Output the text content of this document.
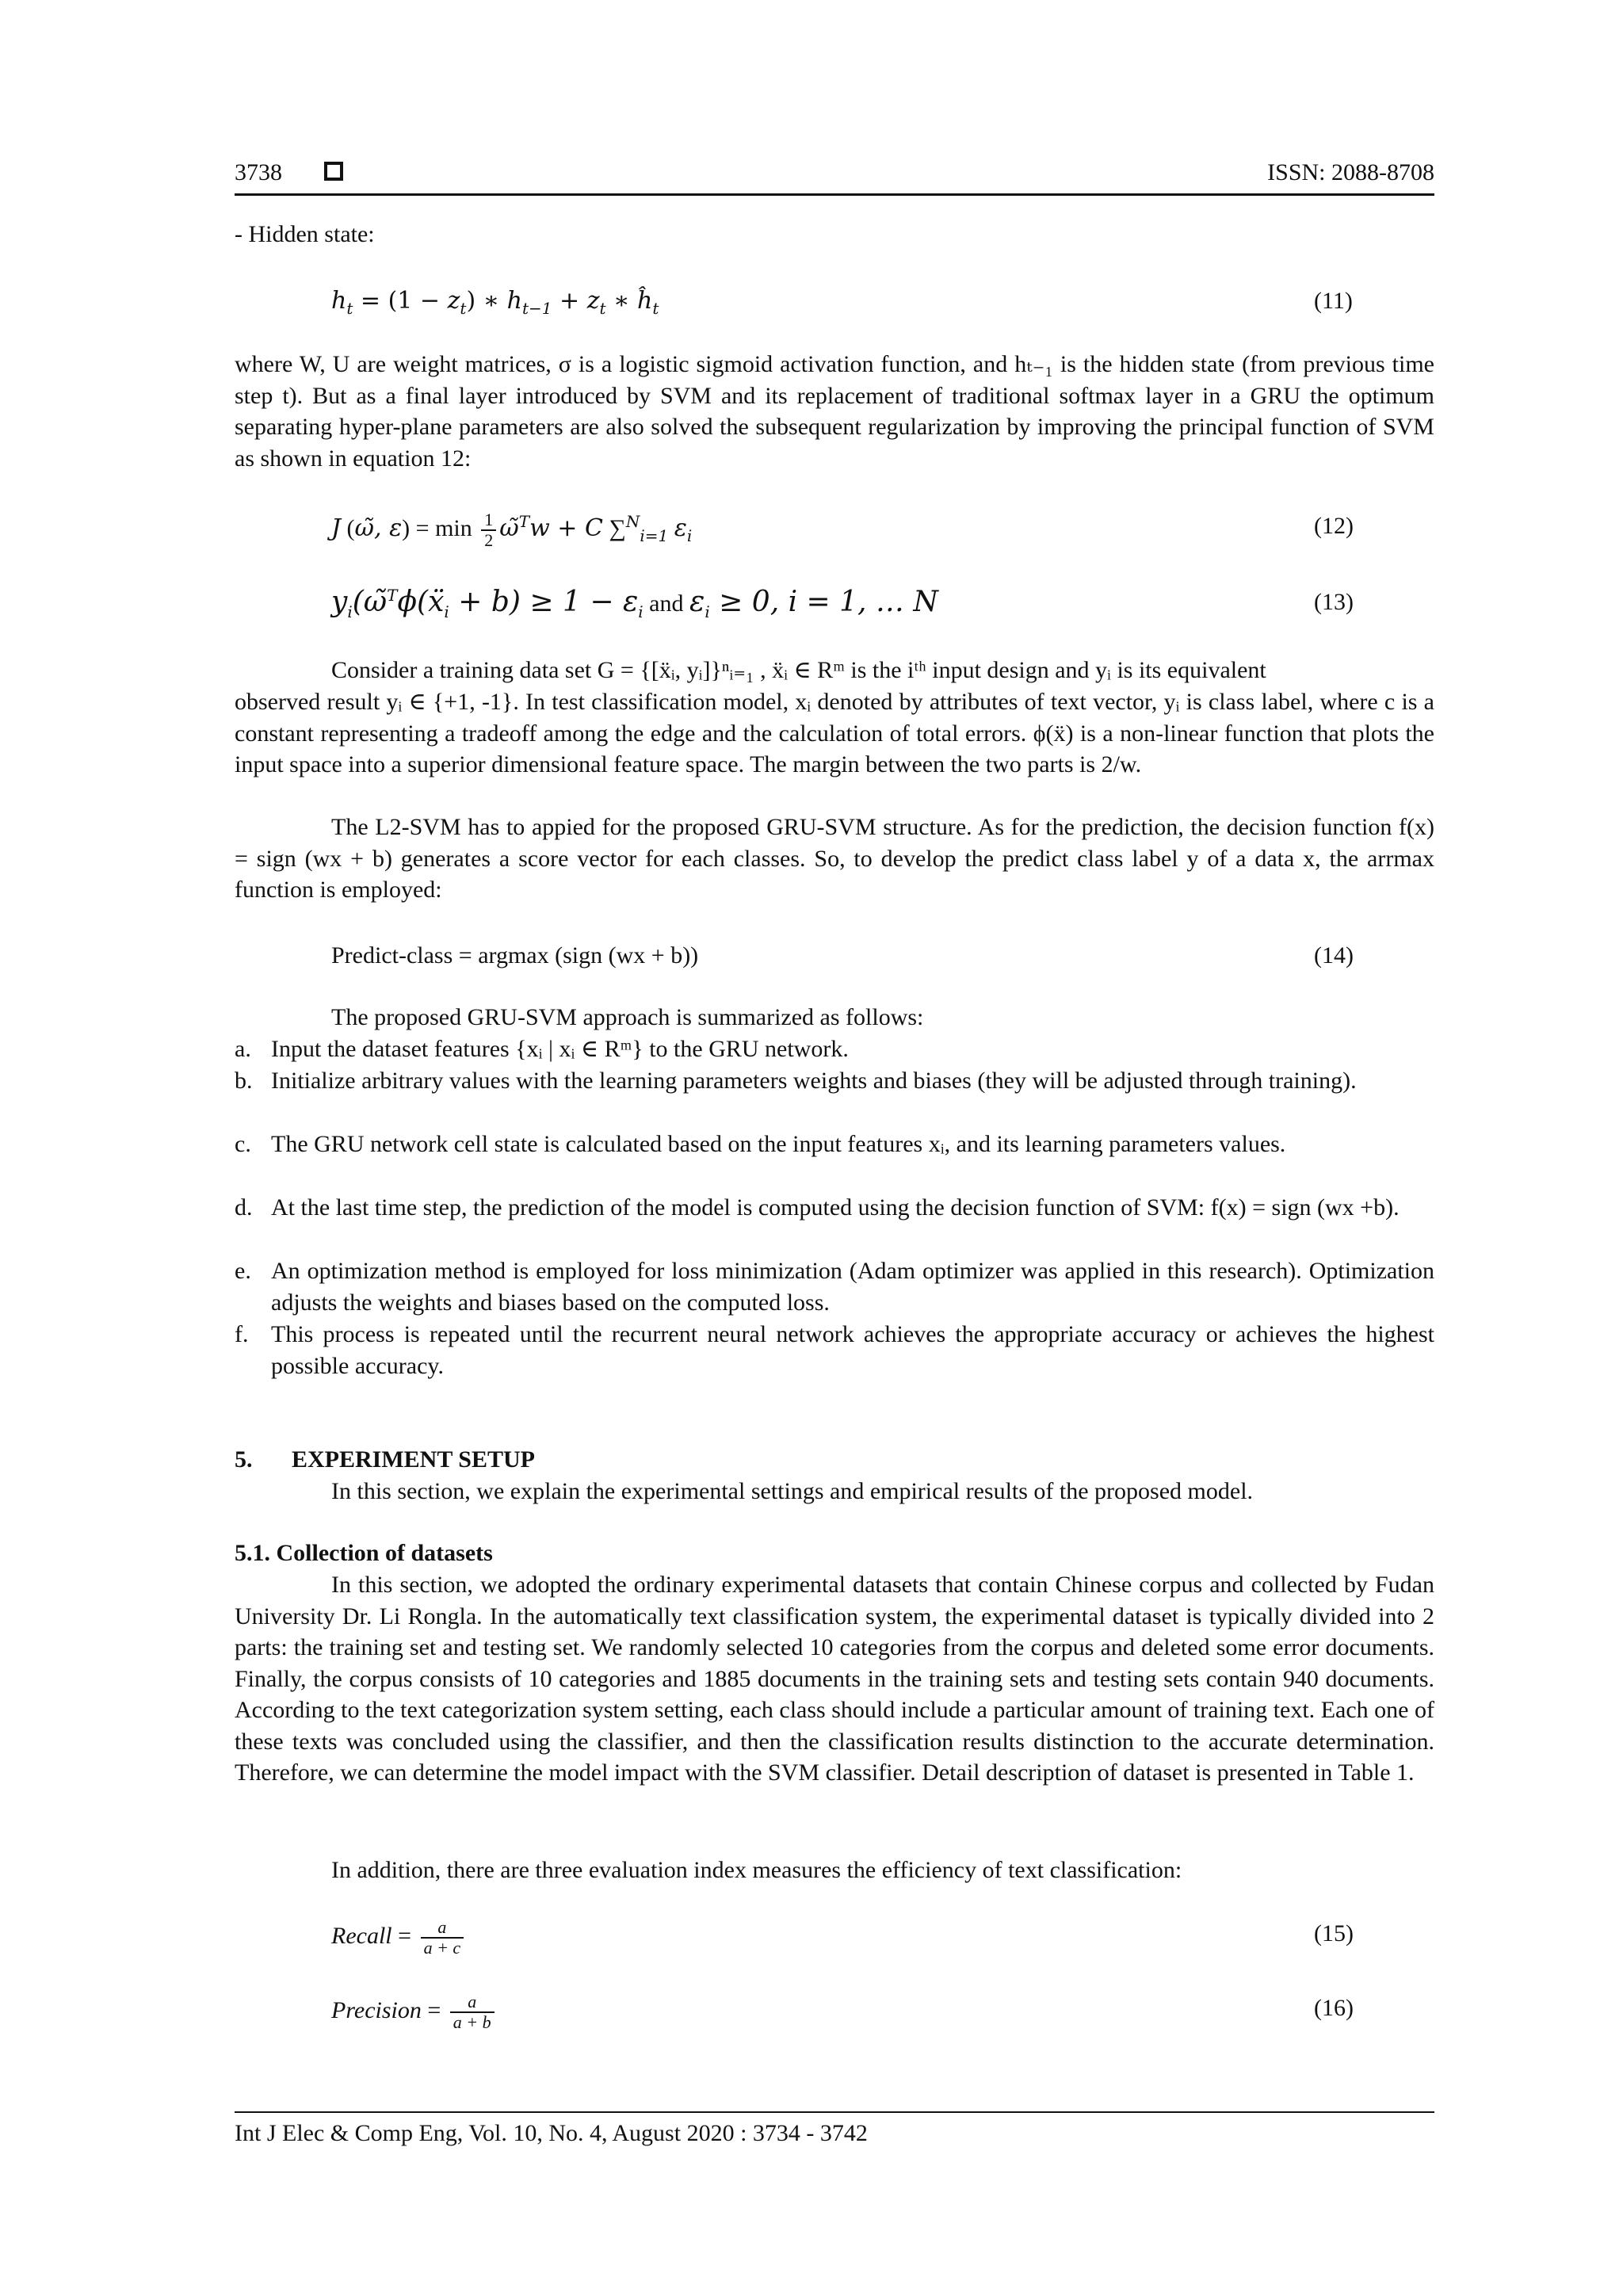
3738	ISSN: 2088-8708
- Hidden state:
$h_t = (1 - z_t)$ ∗ $h_{t-1} + z_t$ ∗ $ĥ_t$	(11)
where W, U are weight matrices, σ is a logistic sigmoid activation function, and hₜ₋₁ is the hidden state (from previous time step t). But as a final layer introduced by SVM and its replacement of traditional softmax layer in a GRU the optimum separating hyper-plane parameters are also solved the subsequent regularization by improving the principal function of SVM as shown in equation 12:
J (ω̃, $\varepsilon) = \min \frac{1}{2}$ ω̃$^T$w + C ∑$^N_{i=1}$ $\varepsilon_i$	(12)
$y_i(\omegã^T\phi(ẍ_i + b) \ge 1 - \varepsilon_i$ and $\varepsilon_i \ge 0$, i = 1, … N	(13)
Consider a training data set G = {[ẍᵢ, yᵢ]}ⁿᵢ₌₁ , ẍᵢ ∈ Rᵐ is the iᵗʰ input design and yᵢ is its equivalent
observed result yᵢ ∈ {+1, -1}. In test classification model, xᵢ denoted by attributes of text vector, yᵢ is class label, where c is a constant representing a tradeoff among the edge and the calculation of total errors. ϕ(ẍ) is a non-linear function that plots the input space into a superior dimensional feature space. The margin between the two parts is 2/w.
The L2-SVM has to appied for the proposed GRU-SVM structure. As for the prediction, the decision function f(x) = sign (wx + b) generates a score vector for each classes. So, to develop the predict class label y of a data x, the arrmax function is employed:
Predict-class = argmax (sign (wx + b))	(14)
The proposed GRU-SVM approach is summarized as follows:
a. Input the dataset features {xᵢ | xᵢ ∈ Rᵐ} to the GRU network.
b. Initialize arbitrary values with the learning parameters weights and biases (they will be adjusted through training).
c. The GRU network cell state is calculated based on the input features xᵢ, and its learning parameters values.
d. At the last time step, the prediction of the model is computed using the decision function of SVM: f(x) = sign (wx +b).
e. An optimization method is employed for loss minimization (Adam optimizer was applied in this research). Optimization adjusts the weights and biases based on the computed loss.
f. This process is repeated until the recurrent neural network achieves the appropriate accuracy or achieves the highest possible accuracy.
5. EXPERIMENT SETUP
In this section, we explain the experimental settings and empirical results of the proposed model.
5.1. Collection of datasets
In this section, we adopted the ordinary experimental datasets that contain Chinese corpus and collected by Fudan University Dr. Li Rongla. In the automatically text classification system, the experimental dataset is typically divided into 2 parts: the training set and testing set. We randomly selected 10 categories from the corpus and deleted some error documents. Finally, the corpus consists of 10 categories and 1885 documents in the training sets and testing sets contain 940 documents. According to the text categorization system setting, each class should include a particular amount of training text. Each one of these texts was concluded using the classifier, and then the classification results distinction to the accurate determination. Therefore, we can determine the model impact with the SVM classifier. Detail description of dataset is presented in Table 1.
In addition, there are three evaluation index measures the efficiency of text classification:
Recall = $\frac{a}{a + c}$	(15)
Precision = $\frac{a}{a + b}$	(16)
Int J Elec & Comp Eng, Vol. 10, No. 4, August 2020 : 3734 - 3742
